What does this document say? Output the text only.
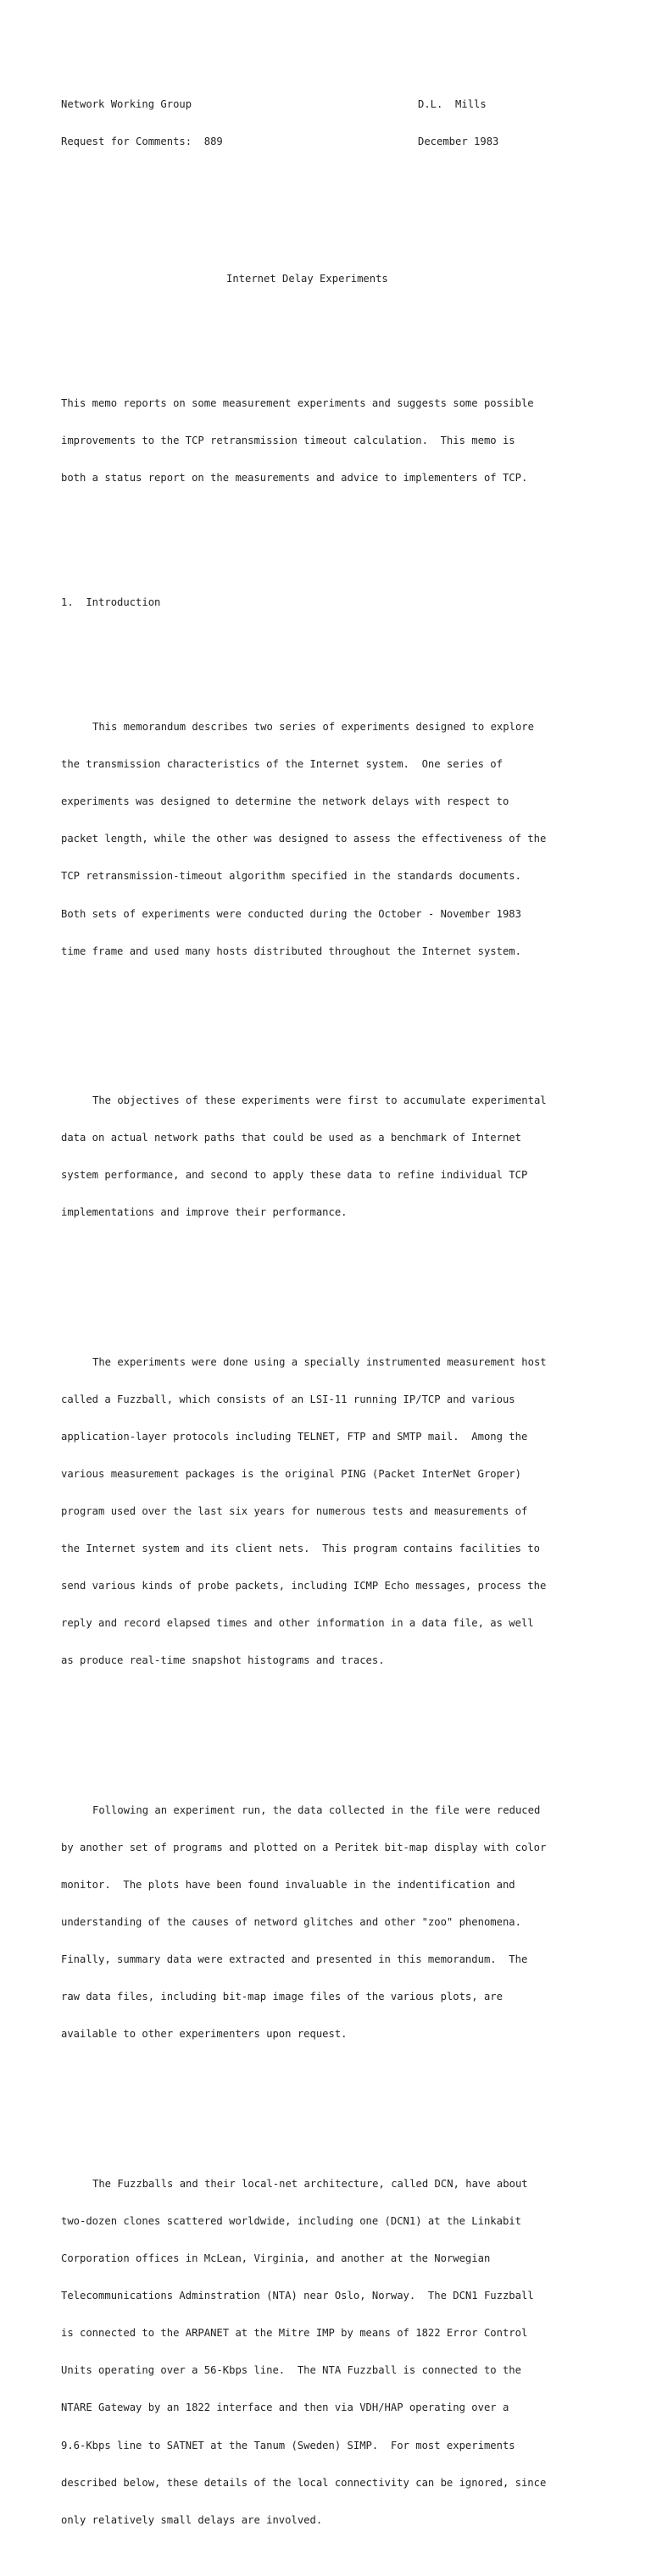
Network Working Group

	D.L.  Mills

Request for Comments:  889

	December 1983

Internet Delay Experiments

This memo reports on some measurement experiments and suggests some possible

improvements to the TCP retransmission timeout calculation.  This memo is

both a status report on the measurements and advice to implementers of TCP.

1.  Introduction

This memorandum describes two series of experiments designed to explore

the transmission characteristics of the Internet system.  One series of

experiments was designed to determine the network delays with respect to

packet length, while the other was designed to assess the effectiveness of the

TCP retransmission-timeout algorithm specified in the standards documents.

Both sets of experiments were conducted during the October - November 1983

time frame and used many hosts distributed throughout the Internet system.

The objectives of these experiments were first to accumulate experimental

data on actual network paths that could be used as a benchmark of Internet

system performance, and second to apply these data to refine individual TCP

implementations and improve their performance.

The experiments were done using a specially instrumented measurement host

called a Fuzzball, which consists of an LSI-11 running IP/TCP and various

application-layer protocols including TELNET, FTP and SMTP mail.  Among the

various measurement packages is the original PING (Packet InterNet Groper)

program used over the last six years for numerous tests and measurements of

the Internet system and its client nets.  This program contains facilities to

send various kinds of probe packets, including ICMP Echo messages, process the

reply and record elapsed times and other information in a data file, as well

as produce real-time snapshot histograms and traces.

Following an experiment run, the data collected in the file were reduced

by another set of programs and plotted on a Peritek bit-map display with color

monitor.  The plots have been found invaluable in the indentification and

understanding of the causes of netword glitches and other "zoo" phenomena.

Finally, summary data were extracted and presented in this memorandum.  The

raw data files, including bit-map image files of the various plots, are

available to other experimenters upon request.

The Fuzzballs and their local-net architecture, called DCN, have about

two-dozen clones scattered worldwide, including one (DCN1) at the Linkabit

Corporation offices in McLean, Virginia, and another at the Norwegian

Telecommunications Adminstration (NTA) near Oslo, Norway.  The DCN1 Fuzzball

is connected to the ARPANET at the Mitre IMP by means of 1822 Error Control

Units operating over a 56-Kbps line.  The NTA Fuzzball is connected to the

NTARE Gateway by an 1822 interface and then via VDH/HAP operating over a

9.6-Kbps line to SATNET at the Tanum (Sweden) SIMP.  For most experiments

described below, these details of the local connectivity can be ignored, since

only relatively small delays are involved.
